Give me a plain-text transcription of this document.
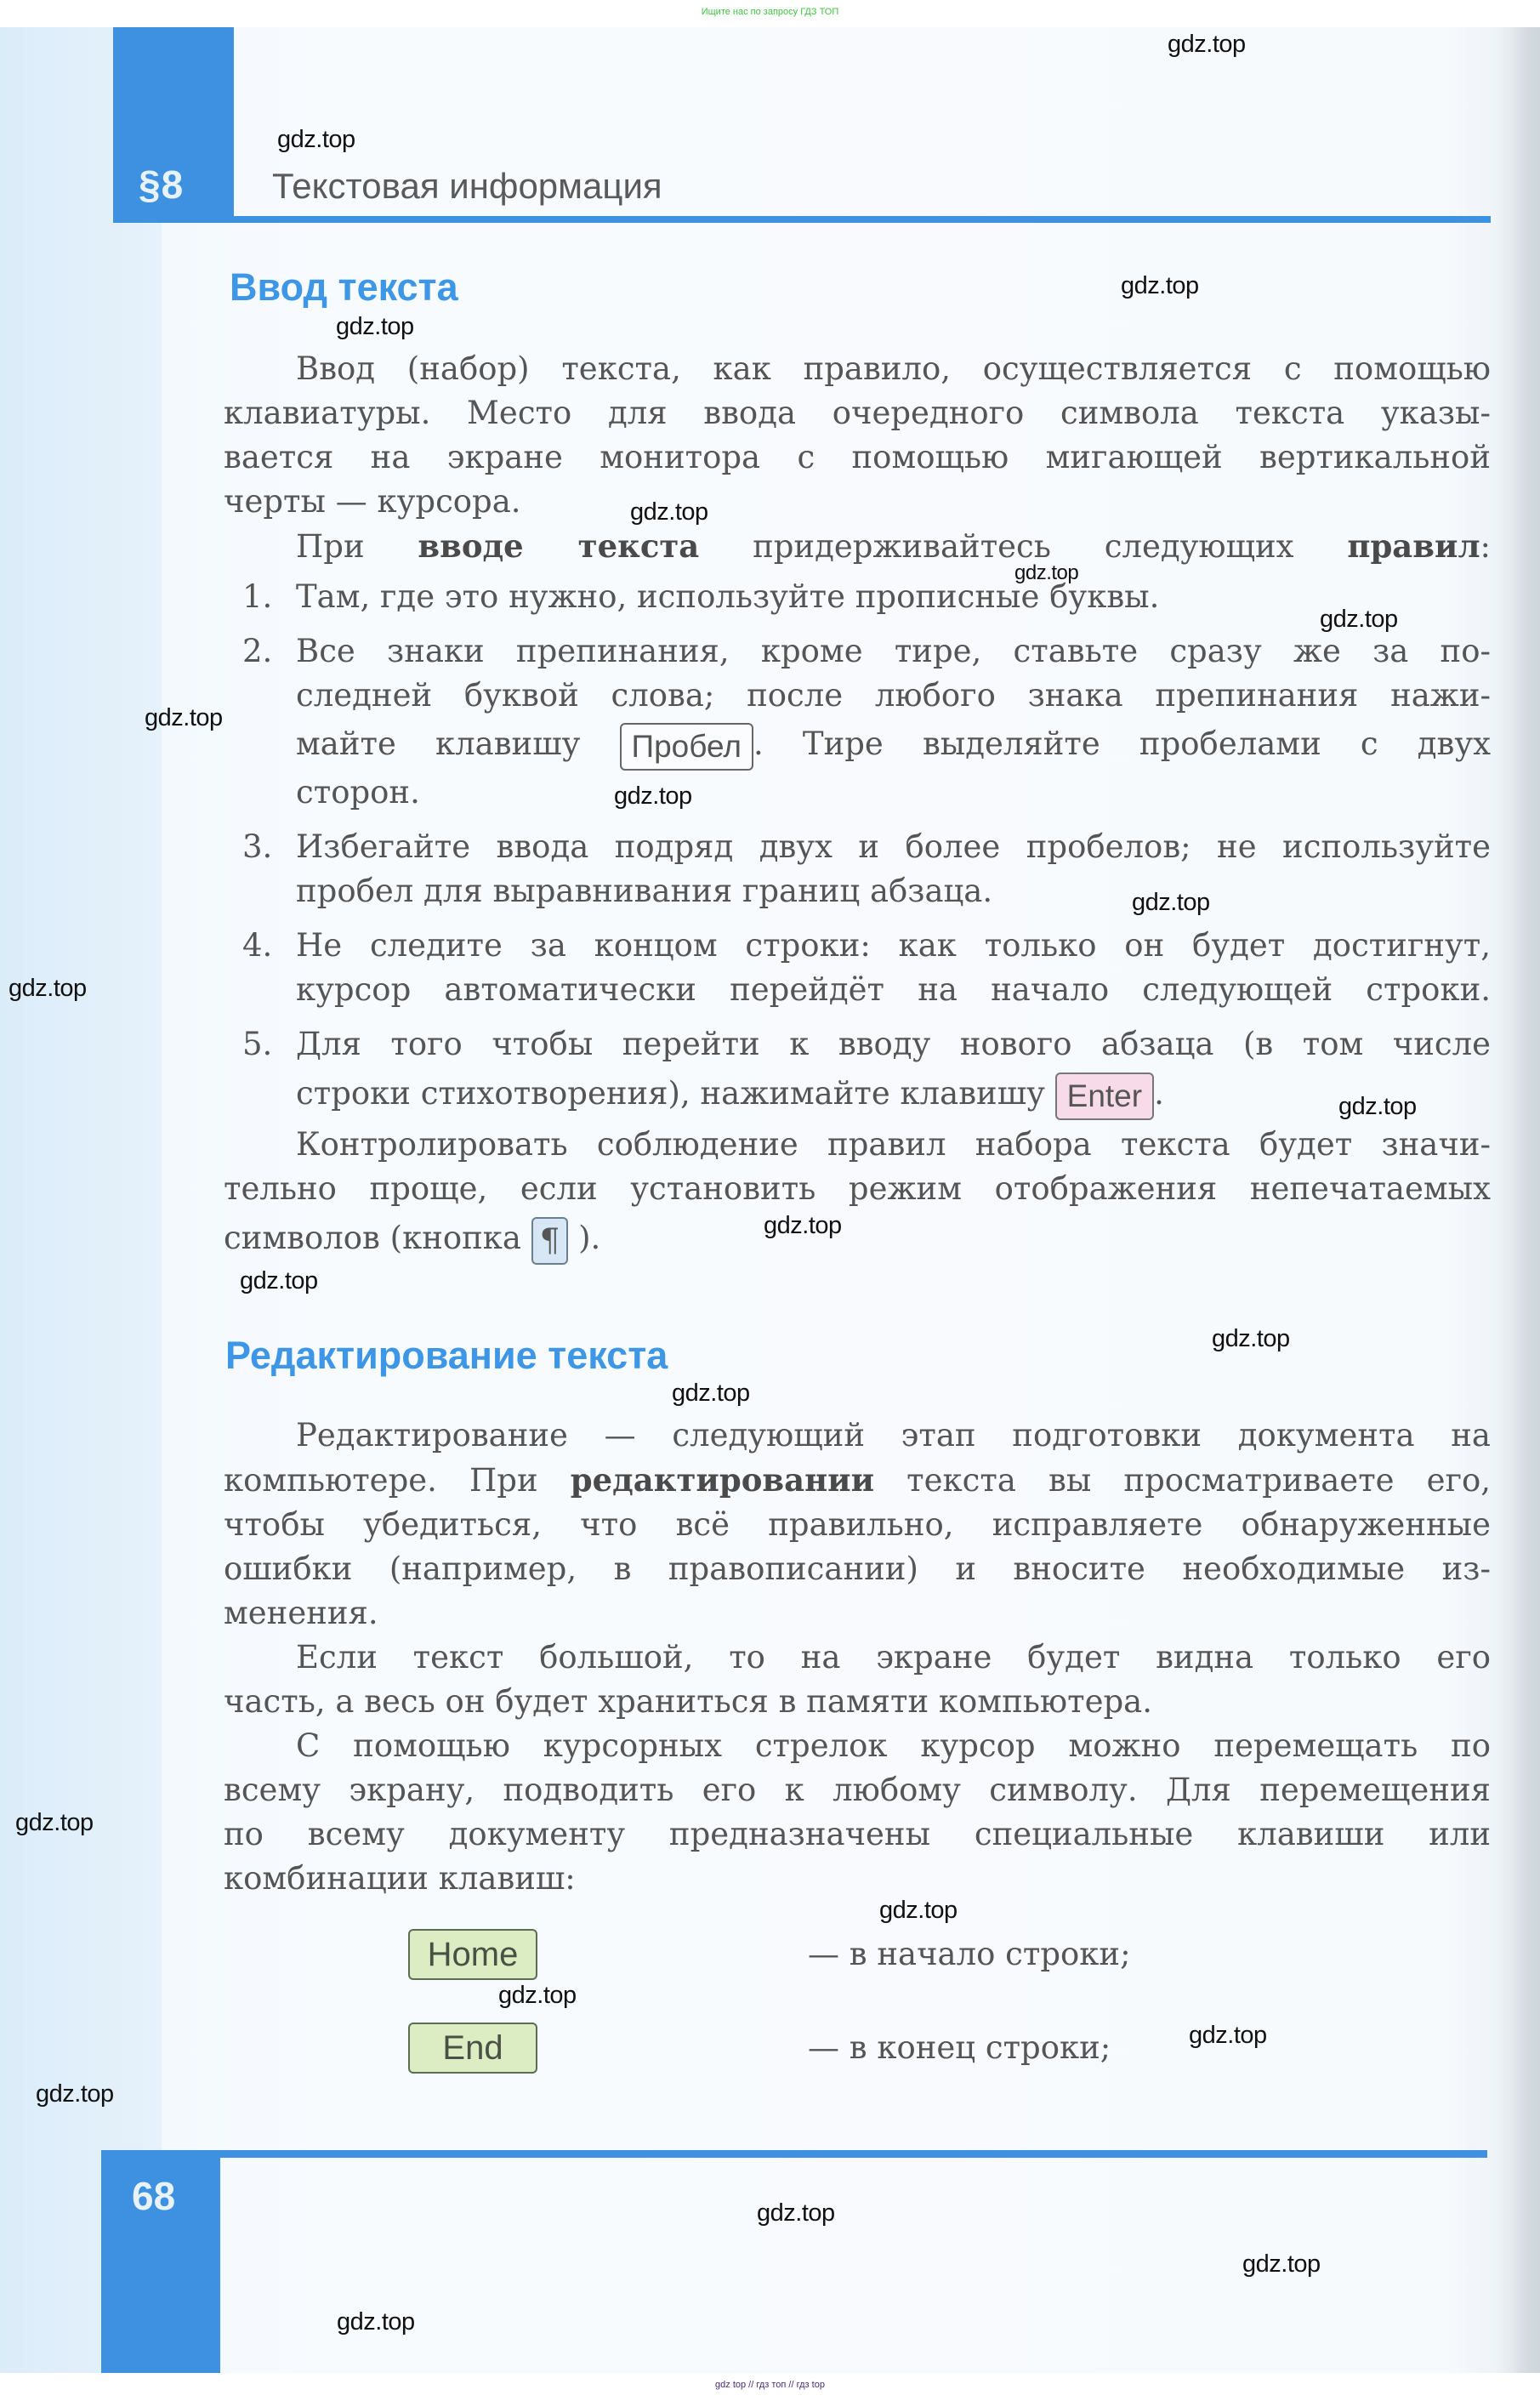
Ищите нас по запросу ГДЗ ТОП
§8 Текстовая информация
Ввод текста
Ввод (набор) текста, как правило, осуществляется с помощью
клавиатуры. Место для ввода очередного символа текста указы-
вается на экране монитора с помощью мигающей вертикальной
черты — курсора.
При вводе текста придерживайтесь следующих правил:
1. Там, где это нужно, используйте прописные буквы.
2. Все знаки препинания, кроме тире, ставьте сразу же за по-
следней буквой слова; после любого знака препинания нажи-
майте клавишу Пробел . Тире выделяйте пробелами с двух
сторон.
3. Избегайте ввода подряд двух и более пробелов; не используйте
пробел для выравнивания границ абзаца.
4. Не следите за концом строки: как только он будет достигнут,
курсор автоматически перейдёт на начало следующей строки.
5. Для того чтобы перейти к вводу нового абзаца (в том числе
строки стихотворения), нажимайте клавишу Enter .
Контролировать соблюдение правил набора текста будет значи-
тельно проще, если установить режим отображения непечатаемых
символов (кнопка ¶ ).
Редактирование текста
Редактирование — следующий этап подготовки документа на
компьютере. При редактировании текста вы просматриваете его,
чтобы убедиться, что всё правильно, исправляете обнаруженные
ошибки (например, в правописании) и вносите необходимые из-
менения.
Если текст большой, то на экране будет видна только его
часть, а весь он будет храниться в памяти компьютера.
С помощью курсорных стрелок курсор можно перемещать по
всему экрану, подводить его к любому символу. Для перемещения
по всему документу предназначены специальные клавиши или
комбинации клавиш:
Home	— в начало строки;
End	— в конец строки;
68
gdz.top
gdz.top
gdz.top
gdz.top
gdz.top
gdz.top
gdz.top
gdz.top
gdz.top
gdz.top
gdz.top
gdz.top
gdz.top
gdz.top
gdz.top
gdz.top
gdz.top
gdz.top
gdz.top
gdz.top
gdz.top
gdz.top
gdz.top
gdz.top
gdz top // гдз топ // гдз top
